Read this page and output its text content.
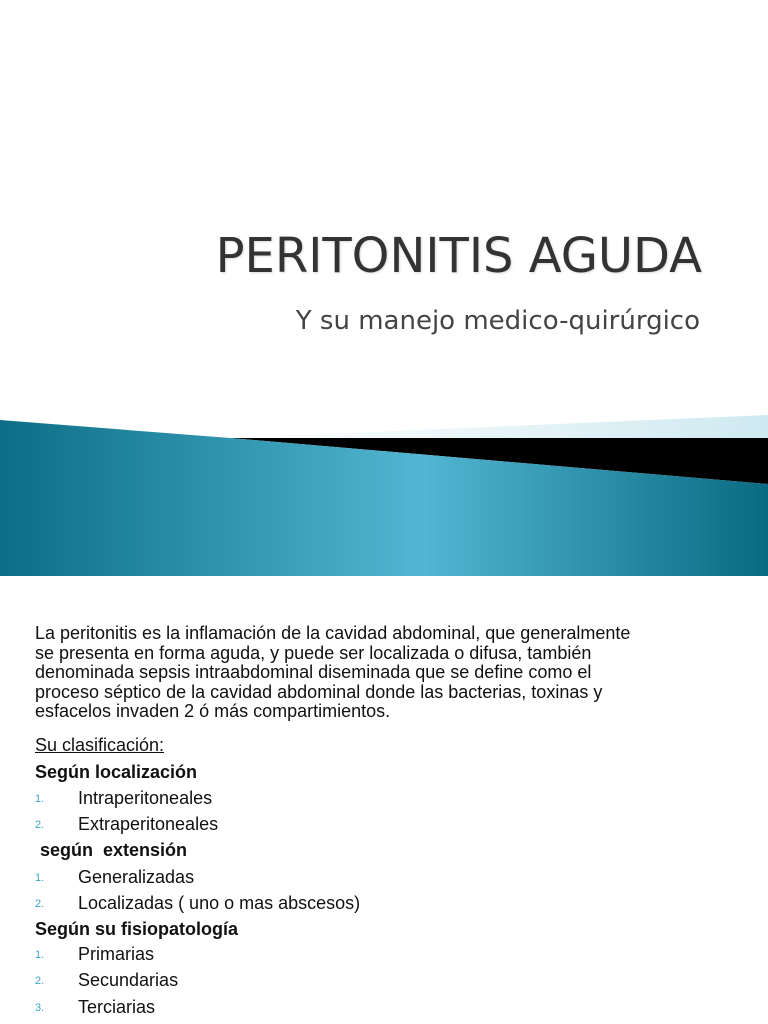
PERITONITIS AGUDA
Y su manejo medico-quirúrgico
La peritonitis es la inflamación de la cavidad abdominal, que generalmente
se presenta en forma aguda, y puede ser localizada o difusa, también
denominada sepsis intraabdominal diseminada que se define como el
proceso séptico de la cavidad abdominal donde las bacterias, toxinas y
esfacelos invaden 2 ó más compartimientos.
Su clasificación:
Según localización
1. Intraperitoneales
2. Extraperitoneales
según  extensión
1. Generalizadas
2. Localizadas ( uno o mas abscesos)
Según su fisiopatología
1. Primarias
2. Secundarias
3. Terciarias
